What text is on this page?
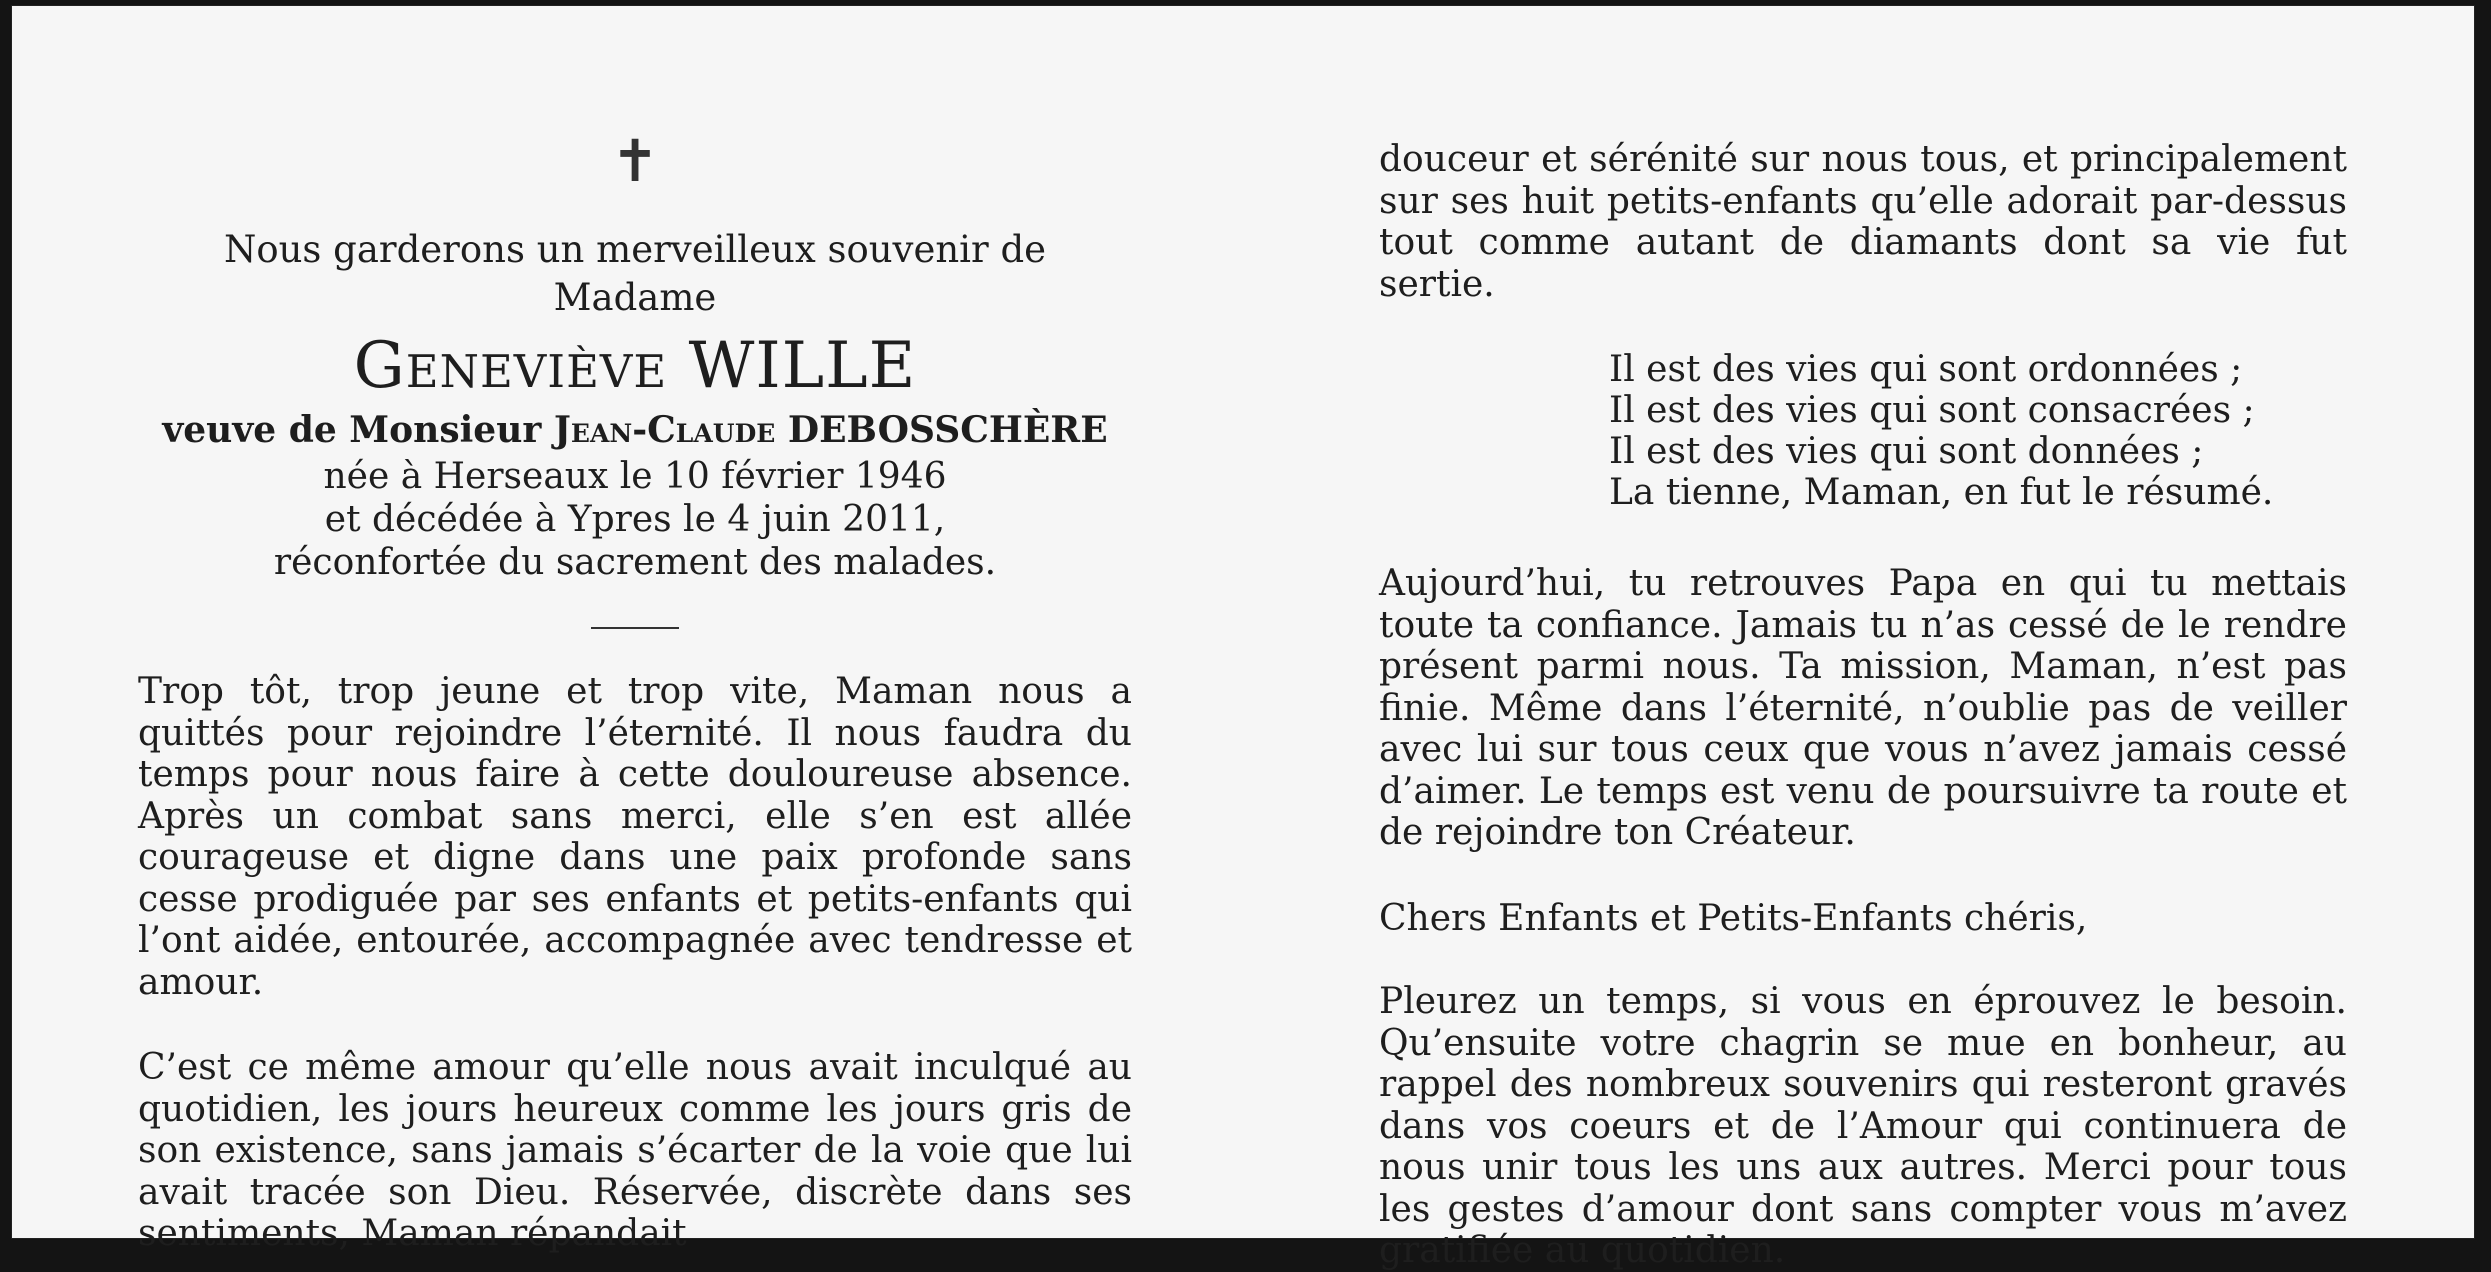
✝
Nous garderons un merveilleux souvenir de Madame
Geneviève WILLE
veuve de Monsieur Jean-Claude DEBOSSCHÈRE
née à Herseaux le 10 février 1946
et décédée à Ypres le 4 juin 2011,
réconfortée du sacrement des malades.

Trop tôt, trop jeune et trop vite, Maman nous a quittés pour rejoindre l’éternité. Il nous faudra du temps pour nous faire à cette douloureuse absence. Après un combat sans merci, elle s’en est allée courageuse et digne dans une paix profonde sans cesse prodiguée par ses enfants et petits-enfants qui l’ont aidée, entourée, accompagnée avec tendresse et amour.

C’est ce même amour qu’elle nous avait inculqué au quotidien, les jours heureux comme les jours gris de son existence, sans jamais s’écarter de la voie que lui avait tracée son Dieu. Réservée, discrète dans ses sentiments, Maman répandait

douceur et sérénité sur nous tous, et principalement sur ses huit petits-enfants qu’elle adorait par-dessus tout comme autant de diamants dont sa vie fut sertie.

Il est des vies qui sont ordonnées ;
Il est des vies qui sont consacrées ;
Il est des vies qui sont données ;
La tienne, Maman, en fut le résumé.

Aujourd’hui, tu retrouves Papa en qui tu mettais toute ta confiance. Jamais tu n’as cessé de le rendre présent parmi nous. Ta mission, Maman, n’est pas finie. Même dans l’éternité, n’oublie pas de veiller avec lui sur tous ceux que vous n’avez jamais cessé d’aimer. Le temps est venu de poursuivre ta route et de rejoindre ton Créateur.

Chers Enfants et Petits-Enfants chéris,

Pleurez un temps, si vous en éprouvez le besoin. Qu’ensuite votre chagrin se mue en bonheur, au rappel des nombreux souvenirs qui resteront gravés dans vos coeurs et de l’Amour qui continuera de nous unir tous les uns aux autres. Merci pour tous les gestes d’amour dont sans compter vous m’avez gratifiée au quotidien.
